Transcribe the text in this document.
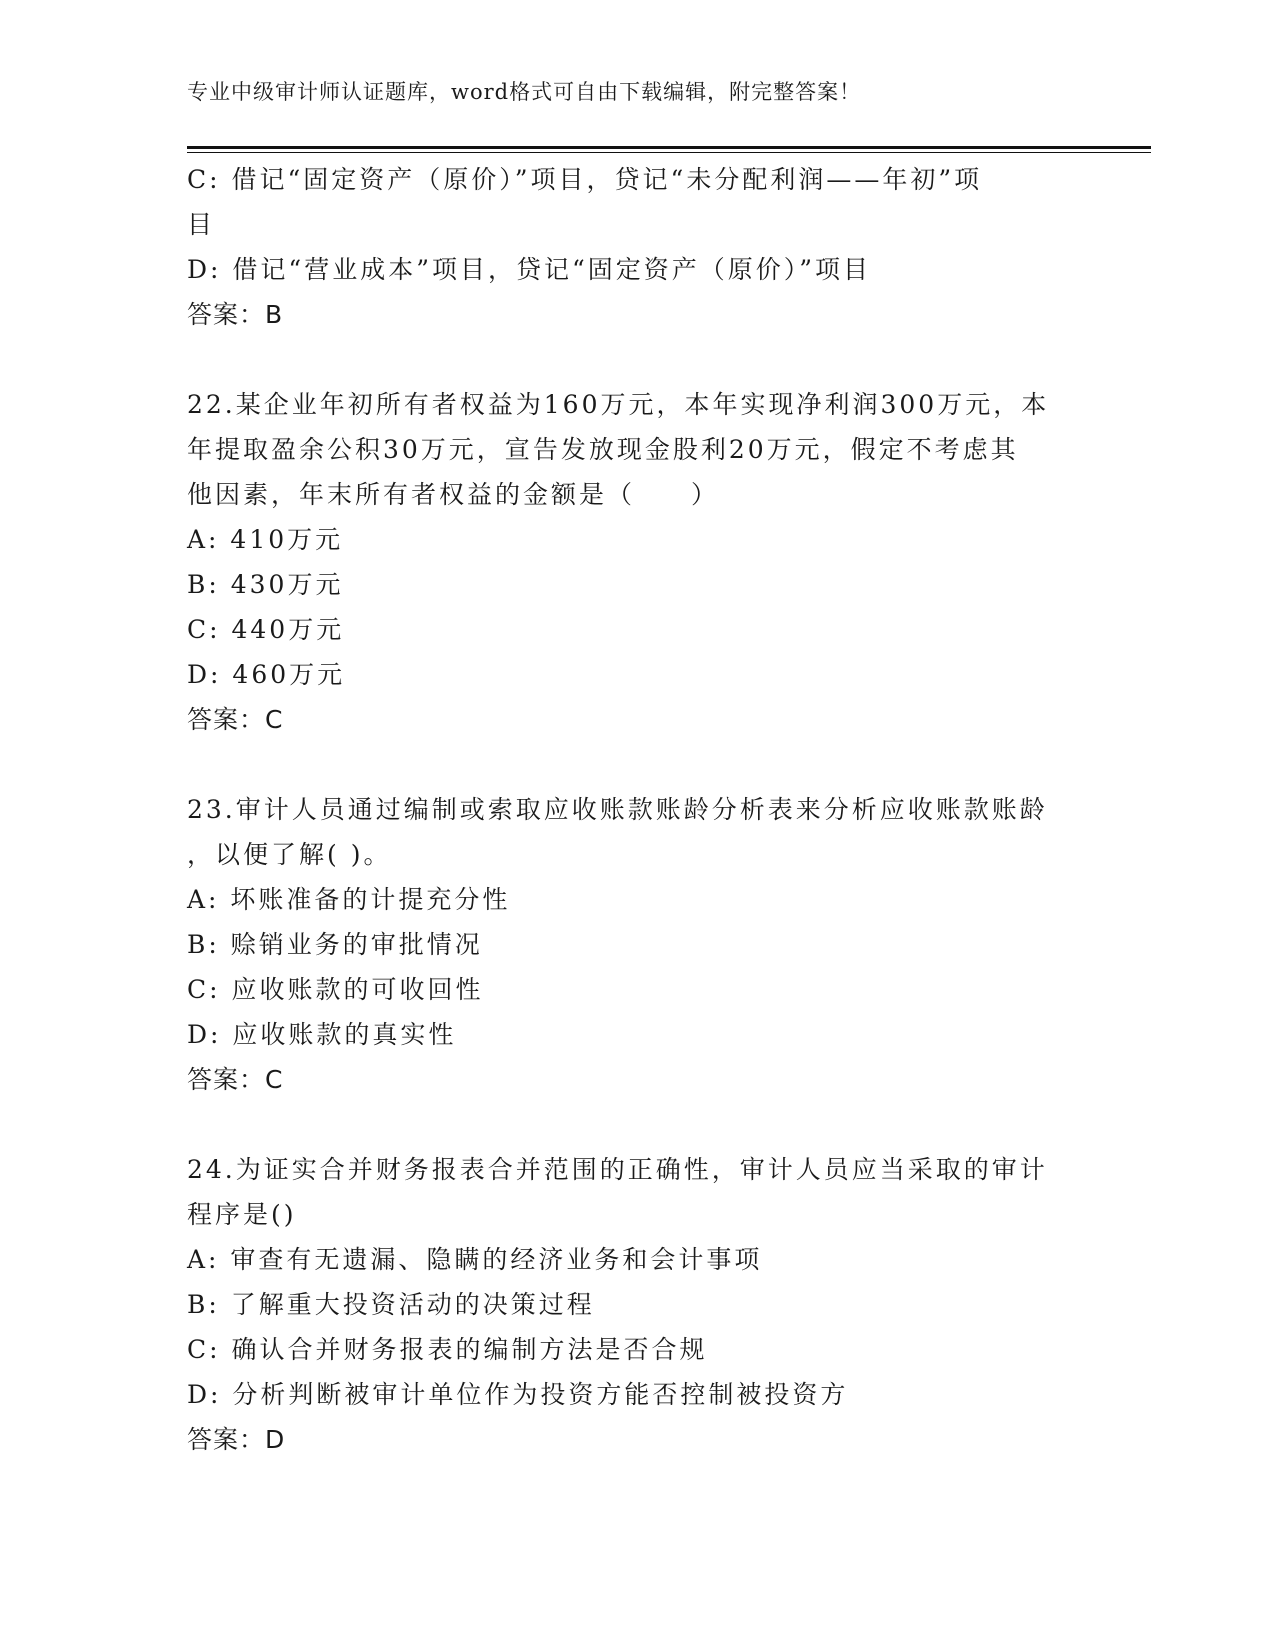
专业中级审计师认证题库，word格式可自由下载编辑，附完整答案！
C: 借记“固定资产（原价）”项目，贷记“未分配利润——年初”项
目
D: 借记“营业成本”项目，贷记“固定资产（原价）”项目
答案：B
22.某企业年初所有者权益为160万元，本年实现净利润300万元，本
年提取盈余公积30万元，宣告发放现金股利20万元，假定不考虑其
他因素，年末所有者权益的金额是（　　）
A: 410万元
B: 430万元
C: 440万元
D: 460万元
答案：C
23.审计人员通过编制或索取应收账款账龄分析表来分析应收账款账龄
，以便了解( )。
A: 坏账准备的计提充分性
B: 赊销业务的审批情况
C: 应收账款的可收回性
D: 应收账款的真实性
答案：C
24.为证实合并财务报表合并范围的正确性，审计人员应当采取的审计
程序是()
A: 审查有无遗漏、隐瞒的经济业务和会计事项
B: 了解重大投资活动的决策过程
C: 确认合并财务报表的编制方法是否合规
D: 分析判断被审计单位作为投资方能否控制被投资方
答案：D
